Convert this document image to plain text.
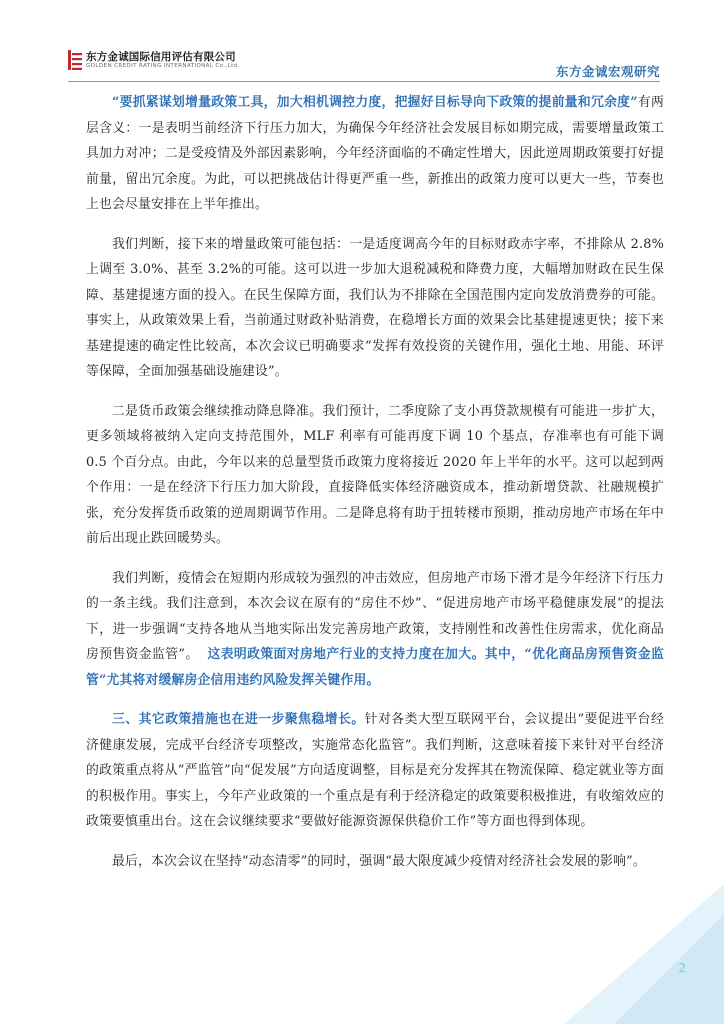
东方金诚国际信用评估有限公司
GOLDEN CREDIT RATING INTERNATIONAL Co.,Ltd.	东方金诚宏观研究

“要抓紧谋划增量政策工具，加大相机调控力度，把握好目标导向下政策的提前量和冗余度”有两层含义：一是表明当前经济下行压力加大，为确保今年经济社会发展目标如期完成，需要增量政策工具加力对冲；二是受疫情及外部因素影响，今年经济面临的不确定性增大，因此逆周期政策要打好提前量，留出冗余度。为此，可以把挑战估计得更严重一些，新推出的政策力度可以更大一些，节奏也上也会尽量安排在上半年推出。

我们判断，接下来的增量政策可能包括：一是适度调高今年的目标财政赤字率，不排除从 2.8%上调至 3.0%、甚至 3.2%的可能。这可以进一步加大退税减税和降费力度，大幅增加财政在民生保障、基建提速方面的投入。在民生保障方面，我们认为不排除在全国范围内定向发放消费券的可能。事实上，从政策效果上看，当前通过财政补贴消费，在稳增长方面的效果会比基建提速更快；接下来基建提速的确定性比较高，本次会议已明确要求“发挥有效投资的关键作用，强化土地、用能、环评等保障，全面加强基础设施建设”。

二是货币政策会继续推动降息降准。我们预计，二季度除了支小再贷款规模有可能进一步扩大，更多领域将被纳入定向支持范围外，MLF 利率有可能再度下调 10 个基点，存准率也有可能下调 0.5 个百分点。由此，今年以来的总量型货币政策力度将接近 2020 年上半年的水平。这可以起到两个作用：一是在经济下行压力加大阶段，直接降低实体经济融资成本，推动新增贷款、社融规模扩张，充分发挥货币政策的逆周期调节作用。二是降息将有助于扭转楼市预期，推动房地产市场在年中前后出现止跌回暖势头。

我们判断，疫情会在短期内形成较为强烈的冲击效应，但房地产市场下滑才是今年经济下行压力的一条主线。我们注意到，本次会议在原有的“房住不炒”、“促进房地产市场平稳健康发展”的提法下，进一步强调“支持各地从当地实际出发完善房地产政策，支持刚性和改善性住房需求，优化商品房预售资金监管”。 这表明政策面对房地产行业的支持力度在加大。其中，“优化商品房预售资金监管”尤其将对缓解房企信用违约风险发挥关键作用。

三、其它政策措施也在进一步聚焦稳增长。针对各类大型互联网平台，会议提出“要促进平台经济健康发展，完成平台经济专项整改，实施常态化监管”。我们判断，这意味着接下来针对平台经济的政策重点将从“严监管”向“促发展”方向适度调整，目标是充分发挥其在物流保障、稳定就业等方面的积极作用。事实上，今年产业政策的一个重点是有利于经济稳定的政策要积极推进，有收缩效应的政策要慎重出台。这在会议继续要求“要做好能源资源保供稳价工作”等方面也得到体现。

最后，本次会议在坚持“动态清零”的同时，强调“最大限度减少疫情对经济社会发展的影响”。

2
